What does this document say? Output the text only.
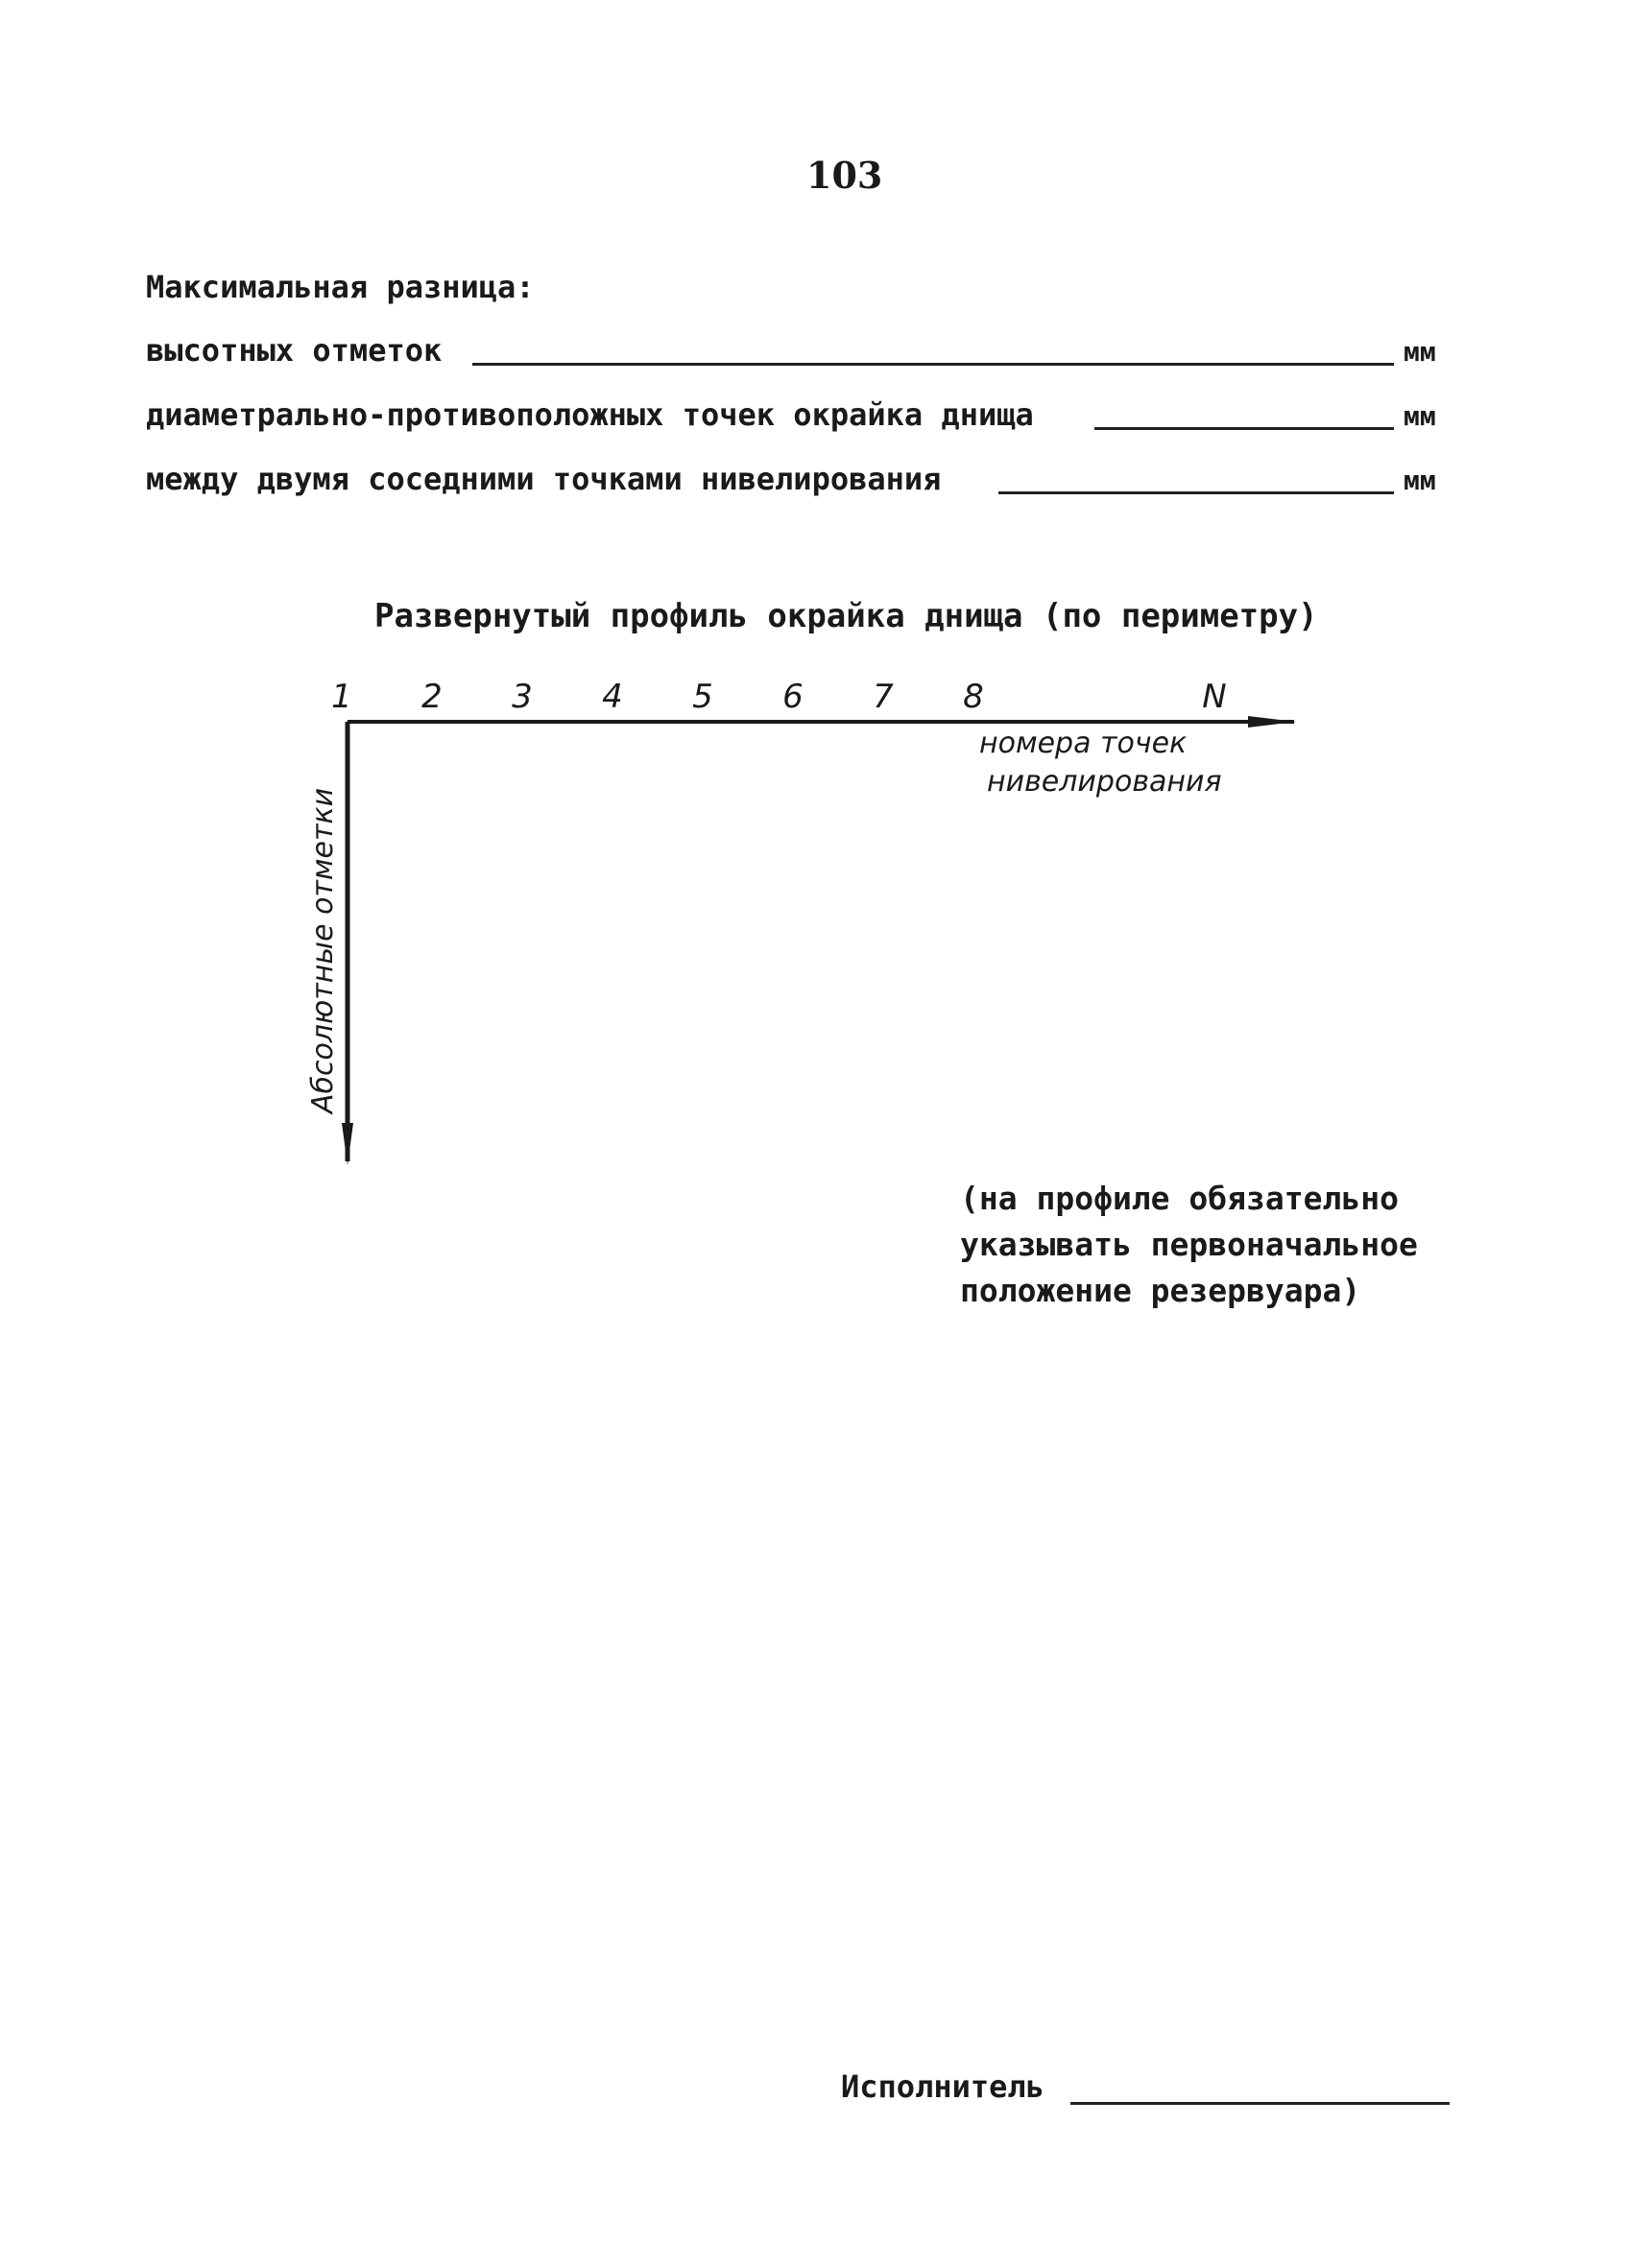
103
Максимальная разница:
высотных отметок	мм
диаметрально-противоположных точек окрайка днища	мм
между двумя соседними точками нивелирования	мм
Развернутый профиль окрайка днища (по периметру)
1 2 3 4 5 6 7 8	N
номера точек
нивелирования
Абсолютные отметки
(на профиле обязательно
указывать первоначальное
положение резервуара)
Исполнитель
